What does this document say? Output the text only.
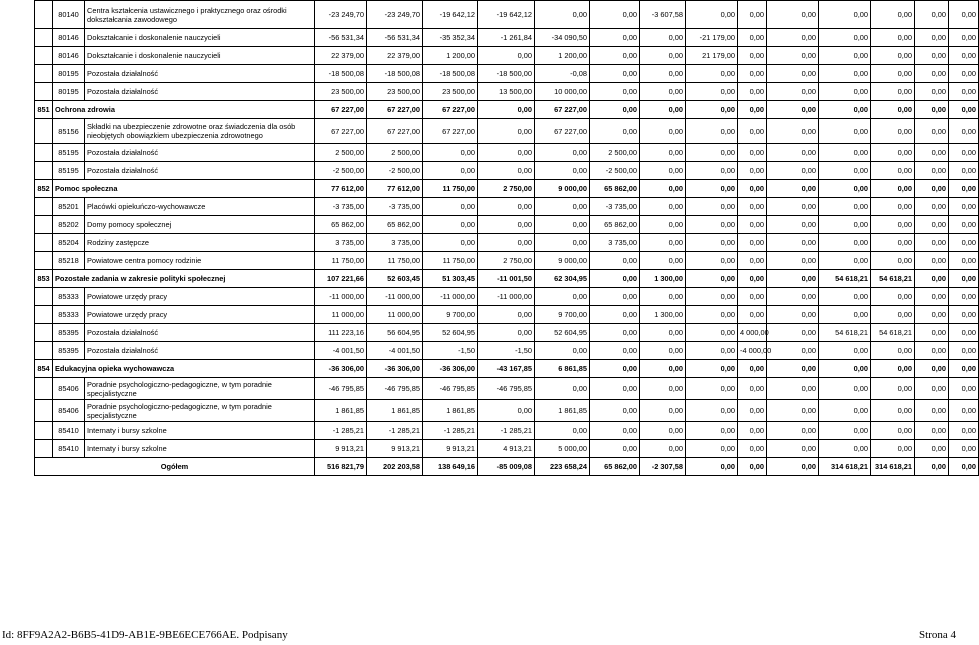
	80140	Centra kształcenia ustawicznego i praktycznego oraz ośrodki dokształcania zawodowego	-23 249,70	-23 249,70	-19 642,12	-19 642,12	0,00	0,00	-3 607,58	0,00	0,00	0,00	0,00	0,00	0,00	0,00
	80146	Dokształcanie i doskonalenie nauczycieli	-56 531,34	-56 531,34	-35 352,34	-1 261,84	-34 090,50	0,00	0,00	-21 179,00	0,00	0,00	0,00	0,00	0,00	0,00
	80146	Dokształcanie i doskonalenie nauczycieli	22 379,00	22 379,00	1 200,00	0,00	1 200,00	0,00	0,00	21 179,00	0,00	0,00	0,00	0,00	0,00	0,00
	80195	Pozostała działalność	-18 500,08	-18 500,08	-18 500,08	-18 500,00	-0,08	0,00	0,00	0,00	0,00	0,00	0,00	0,00	0,00	0,00
	80195	Pozostała działalność	23 500,00	23 500,00	23 500,00	13 500,00	10 000,00	0,00	0,00	0,00	0,00	0,00	0,00	0,00	0,00	0,00
851	Ochrona zdrowia		67 227,00	67 227,00	67 227,00	0,00	67 227,00	0,00	0,00	0,00	0,00	0,00	0,00	0,00	0,00	0,00
	85156	Składki na ubezpieczenie zdrowotne oraz świadczenia dla osób nieobjętych obowiązkiem ubezpieczenia zdrowotnego	67 227,00	67 227,00	67 227,00	0,00	67 227,00	0,00	0,00	0,00	0,00	0,00	0,00	0,00	0,00	0,00
	85195	Pozostała działalność	2 500,00	2 500,00	0,00	0,00	0,00	2 500,00	0,00	0,00	0,00	0,00	0,00	0,00	0,00	0,00
	85195	Pozostała działalność	-2 500,00	-2 500,00	0,00	0,00	0,00	-2 500,00	0,00	0,00	0,00	0,00	0,00	0,00	0,00	0,00
852	Pomoc społeczna		77 612,00	77 612,00	11 750,00	2 750,00	9 000,00	65 862,00	0,00	0,00	0,00	0,00	0,00	0,00	0,00	0,00
	85201	Placówki opiekuńczo-wychowawcze	-3 735,00	-3 735,00	0,00	0,00	0,00	-3 735,00	0,00	0,00	0,00	0,00	0,00	0,00	0,00	0,00
	85202	Domy pomocy społecznej	65 862,00	65 862,00	0,00	0,00	0,00	65 862,00	0,00	0,00	0,00	0,00	0,00	0,00	0,00	0,00
	85204	Rodziny zastępcze	3 735,00	3 735,00	0,00	0,00	0,00	3 735,00	0,00	0,00	0,00	0,00	0,00	0,00	0,00	0,00
	85218	Powiatowe centra pomocy rodzinie	11 750,00	11 750,00	11 750,00	2 750,00	9 000,00	0,00	0,00	0,00	0,00	0,00	0,00	0,00	0,00	0,00
853	Pozostałe zadania w zakresie polityki społecznej		107 221,66	52 603,45	51 303,45	-11 001,50	62 304,95	0,00	1 300,00	0,00	0,00	0,00	54 618,21	54 618,21	0,00	0,00
	85333	Powiatowe urzędy pracy	-11 000,00	-11 000,00	-11 000,00	-11 000,00	0,00	0,00	0,00	0,00	0,00	0,00	0,00	0,00	0,00	0,00
	85333	Powiatowe urzędy pracy	11 000,00	11 000,00	9 700,00	0,00	9 700,00	0,00	1 300,00	0,00	0,00	0,00	0,00	0,00	0,00	0,00
	85395	Pozostała działalność	111 223,16	56 604,95	52 604,95	0,00	52 604,95	0,00	0,00	0,00	4 000,00	0,00	54 618,21	54 618,21	0,00	0,00
	85395	Pozostała działalność	-4 001,50	-4 001,50	-1,50	-1,50	0,00	0,00	0,00	0,00	-4 000,00	0,00	0,00	0,00	0,00	0,00
854	Edukacyjna opieka wychowawcza		-36 306,00	-36 306,00	-36 306,00	-43 167,85	6 861,85	0,00	0,00	0,00	0,00	0,00	0,00	0,00	0,00	0,00
	85406	Poradnie psychologiczno-pedagogiczne, w tym poradnie specjalistyczne	-46 795,85	-46 795,85	-46 795,85	-46 795,85	0,00	0,00	0,00	0,00	0,00	0,00	0,00	0,00	0,00	0,00
	85406	Poradnie psychologiczno-pedagogiczne, w tym poradnie specjalistyczne	1 861,85	1 861,85	1 861,85	0,00	1 861,85	0,00	0,00	0,00	0,00	0,00	0,00	0,00	0,00	0,00
	85410	Internaty i bursy szkolne	-1 285,21	-1 285,21	-1 285,21	-1 285,21	0,00	0,00	0,00	0,00	0,00	0,00	0,00	0,00	0,00	0,00
	85410	Internaty i bursy szkolne	9 913,21	9 913,21	9 913,21	4 913,21	5 000,00	0,00	0,00	0,00	0,00	0,00	0,00	0,00	0,00	0,00
Ogółem			516 821,79	202 203,58	138 649,16	-85 009,08	223 658,24	65 862,00	-2 307,58	0,00	0,00	0,00	314 618,21	314 618,21	0,00	0,00
Id: 8FF9A2A2-B6B5-41D9-AB1E-9BE6ECE766AE. Podpisany	Strona 4
